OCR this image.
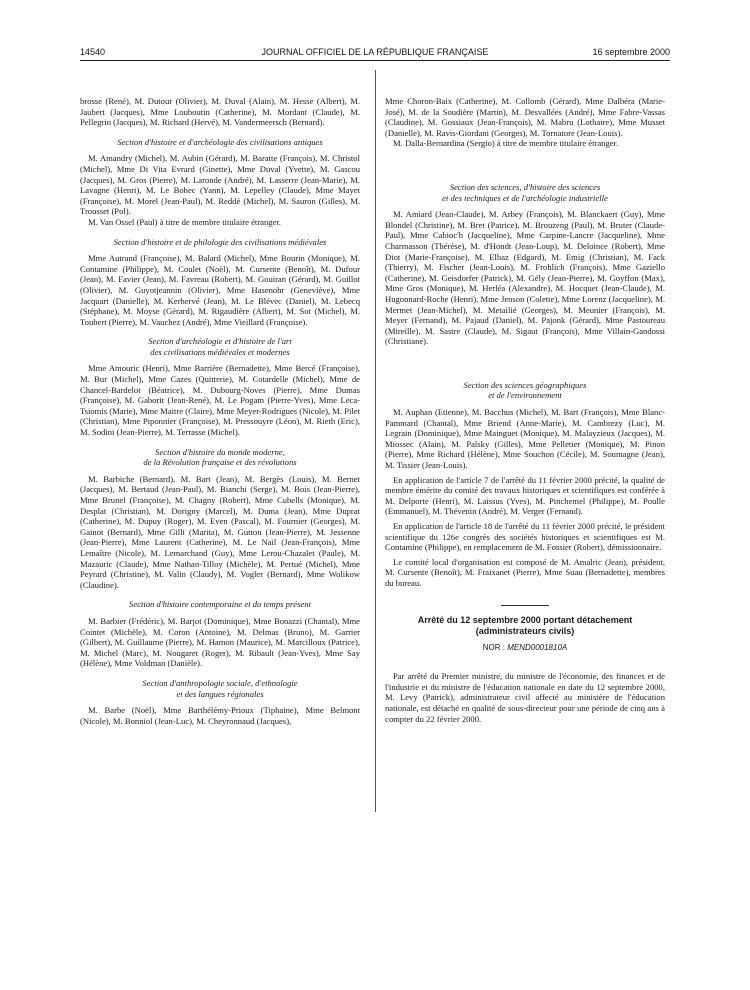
14540	JOURNAL OFFICIEL DE LA RÉPUBLIQUE FRANÇAISE	16 septembre 2000

brosse (René), M. Dutour (Olivier), M. Duval (Alain), M. Hesse (Albert), M. Jaubert (Jacques), Mme Louboutin (Catherine), M. Mordant (Claude), M. Pellegrin (Jacques), M. Richard (Hervé), M. Vandermeersch (Bernard).

Section d'histoire et d'archéologie des civilisations antiques

M. Amandry (Michel), M. Aubin (Gérard), M. Baratte (François), M. Christol (Michel), Mme Di Vita Evrard (Ginette), Mme Duval (Yvette), M. Gascou (Jacques), M. Gros (Pierre), M. Laronde (André), M. Lasserre (Jean-Marie), M. Lavagne (Henri), M. Le Bohec (Yann), M. Lepelley (Claude), Mme Mayet (Françoise), M. Morel (Jean-Paul), M. Reddé (Michel), M. Sauron (Gilles), M. Trousset (Pol).

M. Van Ossel (Paul) à titre de membre titulaire étranger.

Section d'histoire et de philologie des civilisations médiévales

Mme Autrand (Françoise), M. Balard (Michel), Mme Bourin (Monique), M. Contamine (Philippe), M. Coulet (Noël), M. Cursente (Benoît), M. Dufour (Jean), M. Favier (Jean), M. Favreau (Robert), M. Gouiran (Gérard), M. Guillot (Olivier), M. Guyotjeannin (Olivier), Mme Hasenohr (Geneviève), Mme Jacquart (Danielle), M. Kerhervé (Jean), M. Le Blévec (Daniel), M. Lebecq (Stéphane), M. Moyse (Gérard), M. Rigaudière (Albert), M. Sot (Michel), M. Toubert (Pierre), M. Vauchez (André), Mme Vieillard (Françoise).

Section d'archéologie et d'histoire de l'art
des civilisations médiévales et modernes

Mme Amouric (Henri), Mme Barrière (Bernadette), Mme Bercé (Françoise), M. Bur (Michel), Mme Cazes (Quitterie), M. Cotardelle (Michel), Mme de Chancel-Bardelot (Béatrice), M. Dubourg-Noves (Pierre), Mme Dumas (Françoise), M. Gaborit (Jean-René), M. Le Pogam (Pierre-Yves), Mme Leca-Tsiomis (Marie), Mme Maitre (Claire), Mme Meyer-Rodrigues (Nicole), M. Pilet (Christian), Mme Piponnier (Françoise), M. Pressouyre (Léon), M. Rieth (Eric), M. Sodini (Jean-Pierre), M. Terrasse (Michel).

Section d'histoire du monde moderne,
de la Révolution française et des révolutions

M. Barbiche (Bernard), M. Bart (Jean), M. Bergès (Louis), M. Bernet (Jacques), M. Bertaud (Jean-Paul), M. Bianchi (Serge), M. Bois (Jean-Pierre), Mme Brunel (Françoise), M. Chagny (Robert), Mme Cubells (Monique), M. Desplat (Christian), M. Dorigny (Marcel), M. Duma (Jean), Mme Duprat (Catherine), M. Dupuy (Roger), M. Even (Pascal), M. Fournier (Georges), M. Gainot (Bernard), Mme Gilli (Marita), M. Gutton (Jean-Pierre), M. Jessenne (Jean-Pierre), Mme Laurent (Catherine), M. Le Nail (Jean-François), Mme Lemaître (Nicole), M. Lemarchand (Guy), Mme Lerou-Chazalet (Paule), M. Mazauric (Claude), Mme Nathan-Tilloy (Michèle), M. Pertué (Michel), Mme Peyrard (Christine), M. Valin (Claudy), M. Vogler (Bernard), Mme Wolikow (Claudine).

Section d'histoire contemporaine et du temps présent

M. Barbier (Frédéric), M. Barjot (Dominique), Mme Bonazzi (Chantal), Mme Cointet (Michèle), M. Coron (Antoine), M. Delmas (Bruno), M. Garrier (Gilbert), M. Guillaume (Pierre), M. Hamon (Maurice), M. Marcilloux (Patrice), M. Michel (Marc), M. Nougaret (Roger), M. Ribault (Jean-Yves), Mme Say (Hélène), Mme Voldman (Danièle).

Section d'anthropologie sociale, d'ethnologie
et des langues régionales

M. Barbe (Noël), Mme Barthélémy-Prioux (Tiphaine), Mme Belmont (Nicole), M. Bonniol (Jean-Luc), M. Cheyronnaud (Jacques),

Mme Choron-Baix (Catherine), M. Collomb (Gérard), Mme Dalbéra (Marie-José), M. de la Soudière (Martin), M. Desvallées (André), Mme Fabre-Vassas (Claudine), M. Gossiaux (Jean-François), M. Mabru (Lothaire), Mme Musset (Danielle), M. Ravis-Giordani (Georges), M. Tornatore (Jean-Louis).

M. Dalla-Bernardina (Sergio) à titre de membre titulaire étranger.

Section des sciences, d'histoire des sciences
et des techniques et de l'archéologie industrielle

M. Amiard (Jean-Claude), M. Arbey (François), M. Blanckaert (Guy), Mme Blondel (Christine), M. Bret (Patrice), M. Brouzeng (Paul), M. Bruter (Claude-Paul), Mme Cabioc'h (Jacqueline), Mme Carpine-Lancre (Jacqueline), Mme Charmasson (Thérèse), M. d'Hondt (Jean-Loup), M. Deloince (Robert), Mme Diot (Marie-Françoise), M. Elbaz (Edgard), M. Emig (Christian), M. Fack (Thierry), M. Fischer (Jean-Louis), M. Frohlich (François), Mme Gaziello (Catherine), M. Geisdorfer (Patrick), M. Gély (Jean-Pierre), M. Goyffon (Max), Mme Gros (Monique), M. Herléa (Alexandre), M. Hocquet (Jean-Claude), M. Hugonnard-Roche (Henri), Mme Jenson (Colette), Mme Lorenz (Jacqueline), M. Mermet (Jean-Michel), M. Metailié (Georges), M. Meunier (François), M. Meyer (Fernand), M. Pajaud (Daniel), M. Pajonk (Gérard), Mme Pastoureau (Mireille), M. Sastre (Claude), M. Sigaut (François), Mme Villain-Gandossi (Christiane).

Section des sciences géographiques
et de l'environnement

M. Auphan (Etienne), M. Bacchus (Michel), M. Bart (François), Mme Blanc-Pammard (Chantal), Mme Briend (Anne-Marie), M. Cambrezy (Luc), M. Legrain (Dominique), Mme Mainguet (Monique), M. Malayzieux (Jacques), M. Miossec (Alain), M. Palsky (Gilles), Mme Pelletier (Monique), M. Pinon (Pierre), Mme Richard (Hélène), Mme Souchon (Cécile), M. Soumagne (Jean), M. Tissier (Jean-Louis).

En application de l'article 7 de l'arrêté du 11 février 2000 précité, la qualité de membre émérite du comité des travaux historiques et scientifiques est conférée à M. Delporte (Henri), M. Laissus (Yves), M. Pinchemel (Philippe), M. Poulle (Emmanuel), M. Thévenin (André), M. Verger (Fernand).

En application de l'article 18 de l'arrêté du 11 février 2000 précité, le président scientifique du 126e congrès des sociétés historiques et scientifiques est M. Contamine (Philippe), en remplacement de M. Fossier (Robert), démissionnaire.

Le comité local d'organisation est composé de M. Amalric (Jean), président, M. Cursente (Benoît), M. Fraixanet (Pierre), Mme Suau (Bernadette), membres du bureau.

Arrêté du 12 septembre 2000 portant détachement
(administrateurs civils)
NOR : MEND0001810A

Par arrêté du Premier ministre, du ministre de l'économie, des finances et de l'industrie et du ministre de l'éducation nationale en date du 12 septembre 2000, M. Levy (Patrick), administrateur civil affecté au ministère de l'éducation nationale, est détaché en qualité de sous-directeur pour une période de cinq ans à compter du 22 février 2000.
